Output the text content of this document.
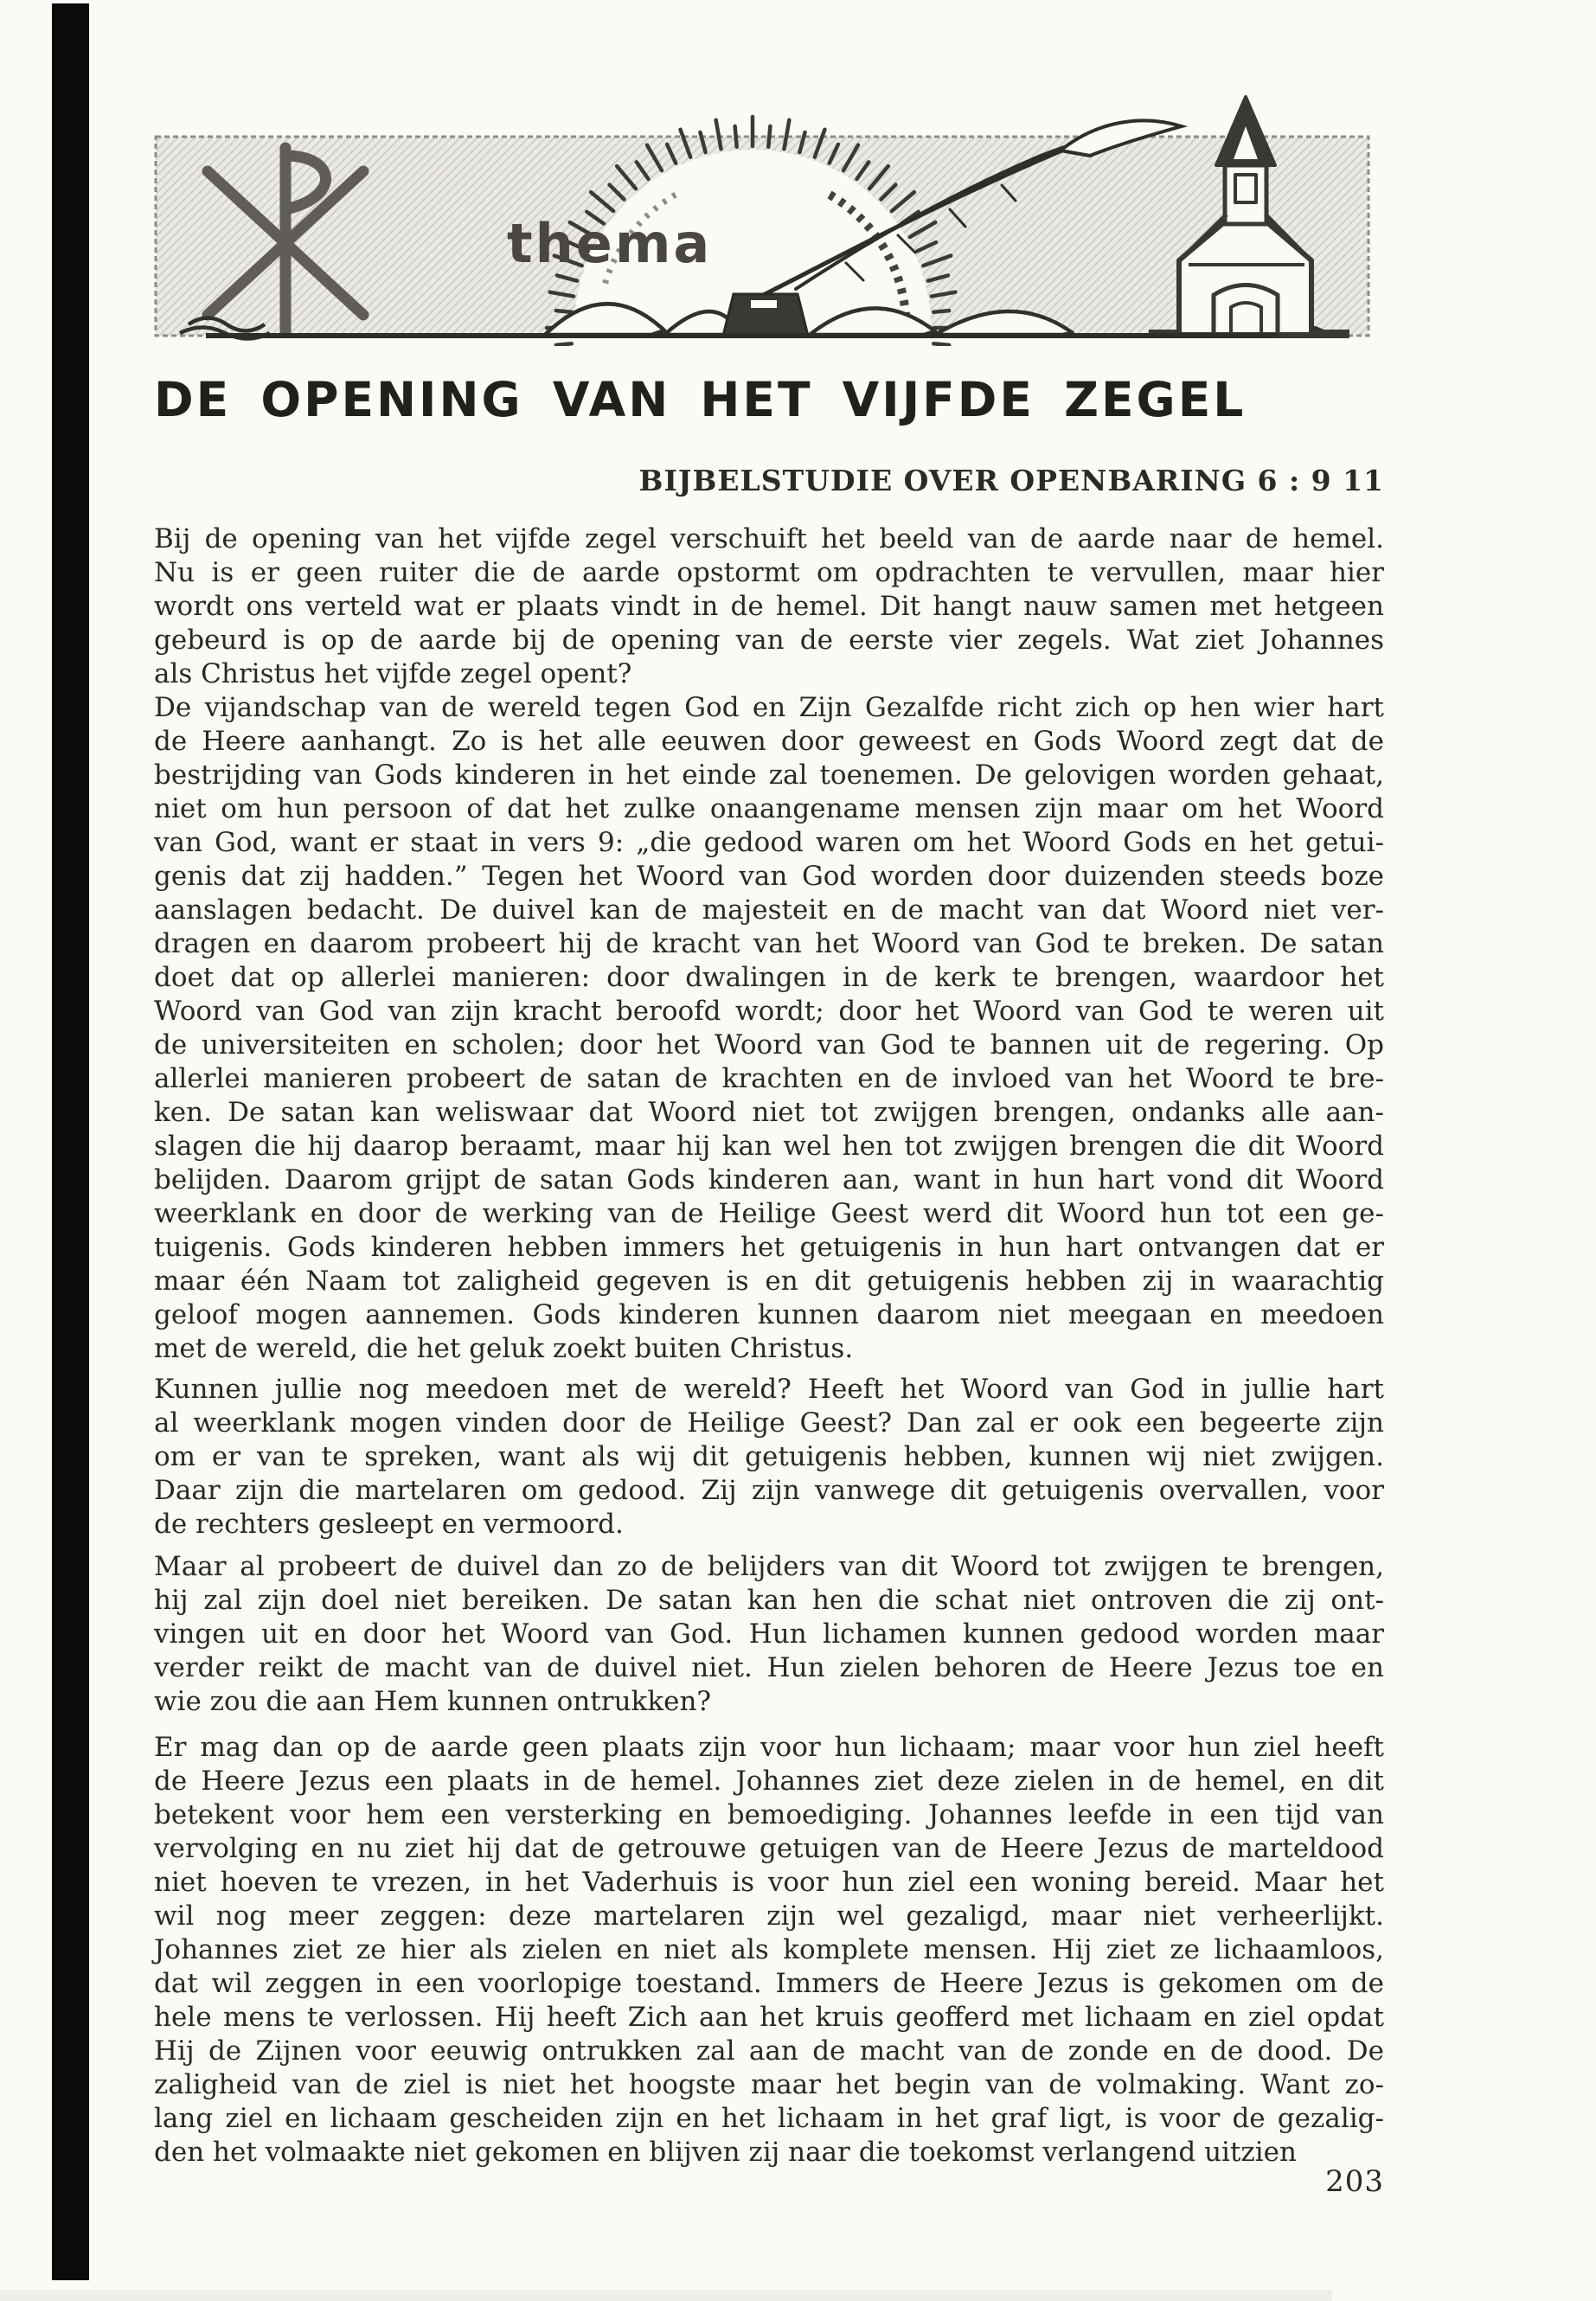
thema
DE OPENING VAN HET VIJFDE ZEGEL
BIJBELSTUDIE OVER OPENBARING 6 : 9 11
Bij de opening van het vijfde zegel verschuift het beeld van de aarde naar de hemel.
Nu is er geen ruiter die de aarde opstormt om opdrachten te vervullen, maar hier
wordt ons verteld wat er plaats vindt in de hemel. Dit hangt nauw samen met hetgeen
gebeurd is op de aarde bij de opening van de eerste vier zegels. Wat ziet Johannes
als Christus het vijfde zegel opent?
De vijandschap van de wereld tegen God en Zijn Gezalfde richt zich op hen wier hart
de Heere aanhangt. Zo is het alle eeuwen door geweest en Gods Woord zegt dat de
bestrijding van Gods kinderen in het einde zal toenemen. De gelovigen worden gehaat,
niet om hun persoon of dat het zulke onaangename mensen zijn maar om het Woord
van God, want er staat in vers 9: „die gedood waren om het Woord Gods en het getui-
genis dat zij hadden.” Tegen het Woord van God worden door duizenden steeds boze
aanslagen bedacht. De duivel kan de majesteit en de macht van dat Woord niet ver-
dragen en daarom probeert hij de kracht van het Woord van God te breken. De satan
doet dat op allerlei manieren: door dwalingen in de kerk te brengen, waardoor het
Woord van God van zijn kracht beroofd wordt; door het Woord van God te weren uit
de universiteiten en scholen; door het Woord van God te bannen uit de regering. Op
allerlei manieren probeert de satan de krachten en de invloed van het Woord te bre-
ken. De satan kan weliswaar dat Woord niet tot zwijgen brengen, ondanks alle aan-
slagen die hij daarop beraamt, maar hij kan wel hen tot zwijgen brengen die dit Woord
belijden. Daarom grijpt de satan Gods kinderen aan, want in hun hart vond dit Woord
weerklank en door de werking van de Heilige Geest werd dit Woord hun tot een ge-
tuigenis. Gods kinderen hebben immers het getuigenis in hun hart ontvangen dat er
maar één Naam tot zaligheid gegeven is en dit getuigenis hebben zij in waarachtig
geloof mogen aannemen. Gods kinderen kunnen daarom niet meegaan en meedoen
met de wereld, die het geluk zoekt buiten Christus.
Kunnen jullie nog meedoen met de wereld? Heeft het Woord van God in jullie hart
al weerklank mogen vinden door de Heilige Geest? Dan zal er ook een begeerte zijn
om er van te spreken, want als wij dit getuigenis hebben, kunnen wij niet zwijgen.
Daar zijn die martelaren om gedood. Zij zijn vanwege dit getuigenis overvallen, voor
de rechters gesleept en vermoord.
Maar al probeert de duivel dan zo de belijders van dit Woord tot zwijgen te brengen,
hij zal zijn doel niet bereiken. De satan kan hen die schat niet ontroven die zij ont-
vingen uit en door het Woord van God. Hun lichamen kunnen gedood worden maar
verder reikt de macht van de duivel niet. Hun zielen behoren de Heere Jezus toe en
wie zou die aan Hem kunnen ontrukken?
Er mag dan op de aarde geen plaats zijn voor hun lichaam; maar voor hun ziel heeft
de Heere Jezus een plaats in de hemel. Johannes ziet deze zielen in de hemel, en dit
betekent voor hem een versterking en bemoediging. Johannes leefde in een tijd van
vervolging en nu ziet hij dat de getrouwe getuigen van de Heere Jezus de marteldood
niet hoeven te vrezen, in het Vaderhuis is voor hun ziel een woning bereid. Maar het
wil nog meer zeggen: deze martelaren zijn wel gezaligd, maar niet verheerlijkt.
Johannes ziet ze hier als zielen en niet als komplete mensen. Hij ziet ze lichaamloos,
dat wil zeggen in een voorlopige toestand. Immers de Heere Jezus is gekomen om de
hele mens te verlossen. Hij heeft Zich aan het kruis geofferd met lichaam en ziel opdat
Hij de Zijnen voor eeuwig ontrukken zal aan de macht van de zonde en de dood. De
zaligheid van de ziel is niet het hoogste maar het begin van de volmaking. Want zo-
lang ziel en lichaam gescheiden zijn en het lichaam in het graf ligt, is voor de gezalig-
den het volmaakte niet gekomen en blijven zij naar die toekomst verlangend uitzien
203
